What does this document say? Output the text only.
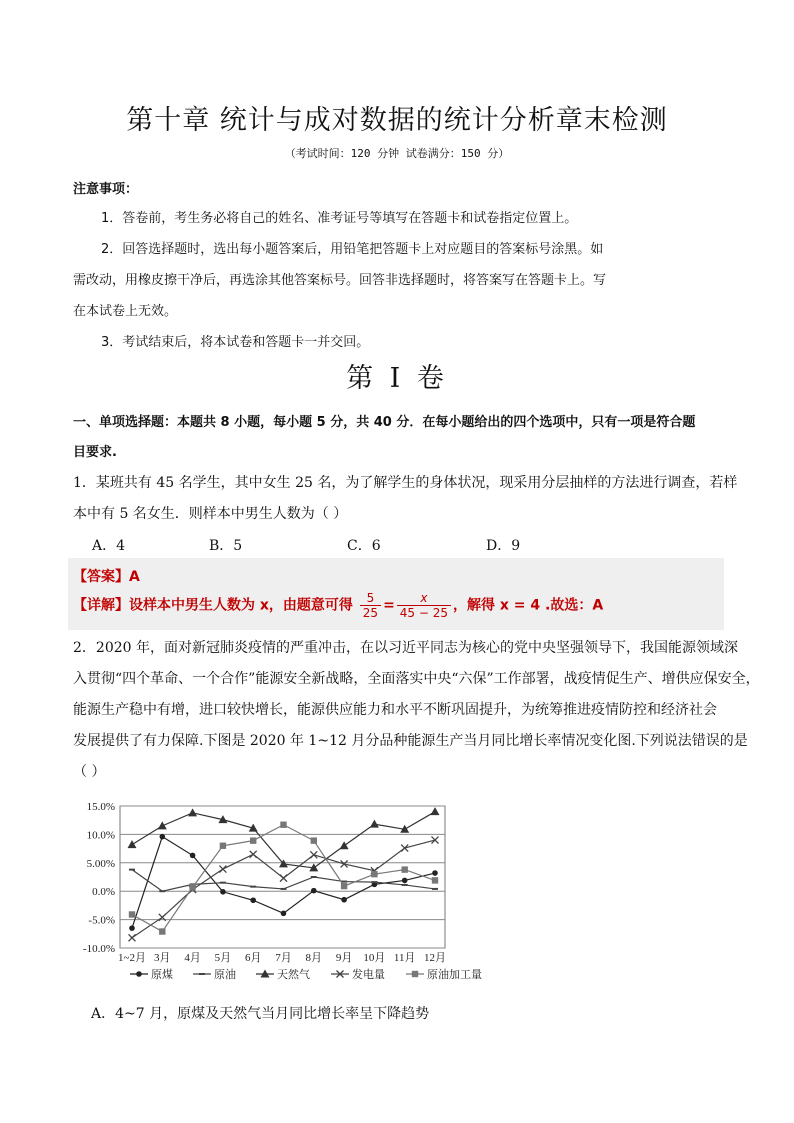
第十章 统计与成对数据的统计分析章末检测
（考试时间：120 分钟 试卷满分：150 分）
注意事项：
1．答卷前，考生务必将自己的姓名、准考证号等填写在答题卡和试卷指定位置上。
2．回答选择题时，选出每小题答案后，用铅笔把答题卡上对应题目的答案标号涂黑。如
需改动，用橡皮擦干净后，再选涂其他答案标号。回答非选择题时，将答案写在答题卡上。写
在本试卷上无效。
3．考试结束后，将本试卷和答题卡一并交回。
第 I 卷
一、单项选择题：本题共 8 小题，每小题 5 分，共 40 分．在每小题给出的四个选项中，只有一项是符合题
目要求.
1．某班共有 45 名学生，其中女生 25 名，为了解学生的身体状况，现采用分层抽样的方法进行调查，若样
本中有 5 名女生．则样本中男生人数为（ ）
A．4	B．5	C．6	D．9
【答案】A
【详解】设样本中男生人数为 x，由题意可得 $\frac{5}{25} = \frac{x}{45 - 25}$ ，解得 x = 4 .故选：A
2．2020 年，面对新冠肺炎疫情的严重冲击，在以习近平同志为核心的党中央坚强领导下，我国能源领域深
入贯彻“四个革命、一个合作”能源安全新战略，全面落实中央“六保”工作部署，战疫情促生产、增供应保安全，
能源生产稳中有增，进口较快增长，能源供应能力和水平不断巩固提升，为统筹推进疫情防控和经济社会
发展提供了有力保障.下图是 2020 年 1~12 月分品种能源生产当月同比增长率情况变化图.下列说法错误的是
（ ）
15.0%
10.0%
5.00%
0.0%
-5.0%
-10.0%
1~2月 3月 4月 5月 6月 7月 8月 9月 10月 11月 12月
原煤	原油	天然气	发电量	原油加工量
A．4~7 月，原煤及天然气当月同比增长率呈下降趋势
